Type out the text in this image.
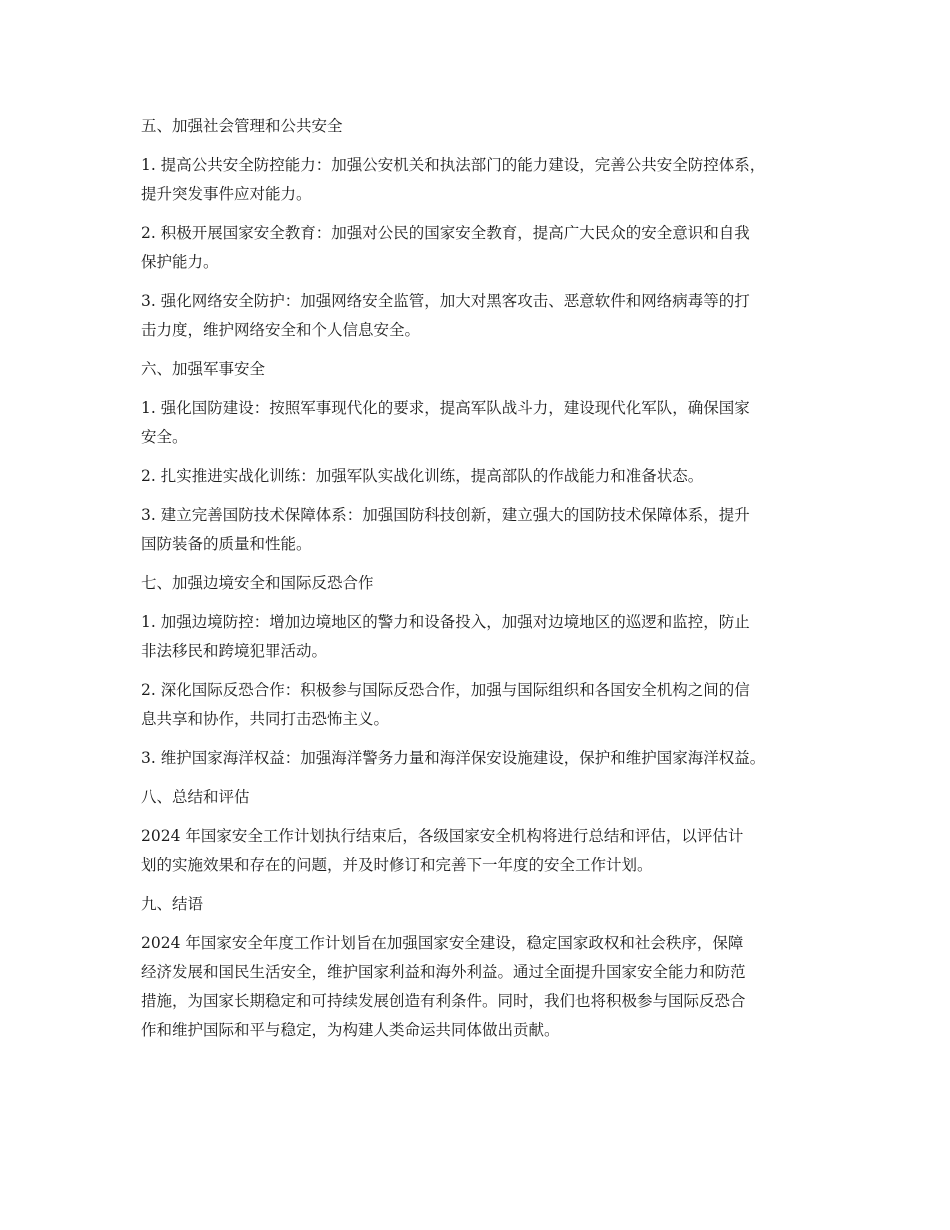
五、加强社会管理和公共安全
1. 提高公共安全防控能力：加强公安机关和执法部门的能力建设，完善公共安全防控体系，
提升突发事件应对能力。
2. 积极开展国家安全教育：加强对公民的国家安全教育，提高广大民众的安全意识和自我
保护能力。
3. 强化网络安全防护：加强网络安全监管，加大对黑客攻击、恶意软件和网络病毒等的打
击力度，维护网络安全和个人信息安全。
六、加强军事安全
1. 强化国防建设：按照军事现代化的要求，提高军队战斗力，建设现代化军队，确保国家
安全。
2. 扎实推进实战化训练：加强军队实战化训练，提高部队的作战能力和准备状态。
3. 建立完善国防技术保障体系：加强国防科技创新，建立强大的国防技术保障体系，提升
国防装备的质量和性能。
七、加强边境安全和国际反恐合作
1. 加强边境防控：增加边境地区的警力和设备投入，加强对边境地区的巡逻和监控，防止
非法移民和跨境犯罪活动。
2. 深化国际反恐合作：积极参与国际反恐合作，加强与国际组织和各国安全机构之间的信
息共享和协作，共同打击恐怖主义。
3. 维护国家海洋权益：加强海洋警务力量和海洋保安设施建设，保护和维护国家海洋权益。
八、总结和评估
2024 年国家安全工作计划执行结束后，各级国家安全机构将进行总结和评估，以评估计
划的实施效果和存在的问题，并及时修订和完善下一年度的安全工作计划。
九、结语
2024 年国家安全年度工作计划旨在加强国家安全建设，稳定国家政权和社会秩序，保障
经济发展和国民生活安全，维护国家利益和海外利益。通过全面提升国家安全能力和防范
措施，为国家长期稳定和可持续发展创造有利条件。同时，我们也将积极参与国际反恐合
作和维护国际和平与稳定，为构建人类命运共同体做出贡献。
